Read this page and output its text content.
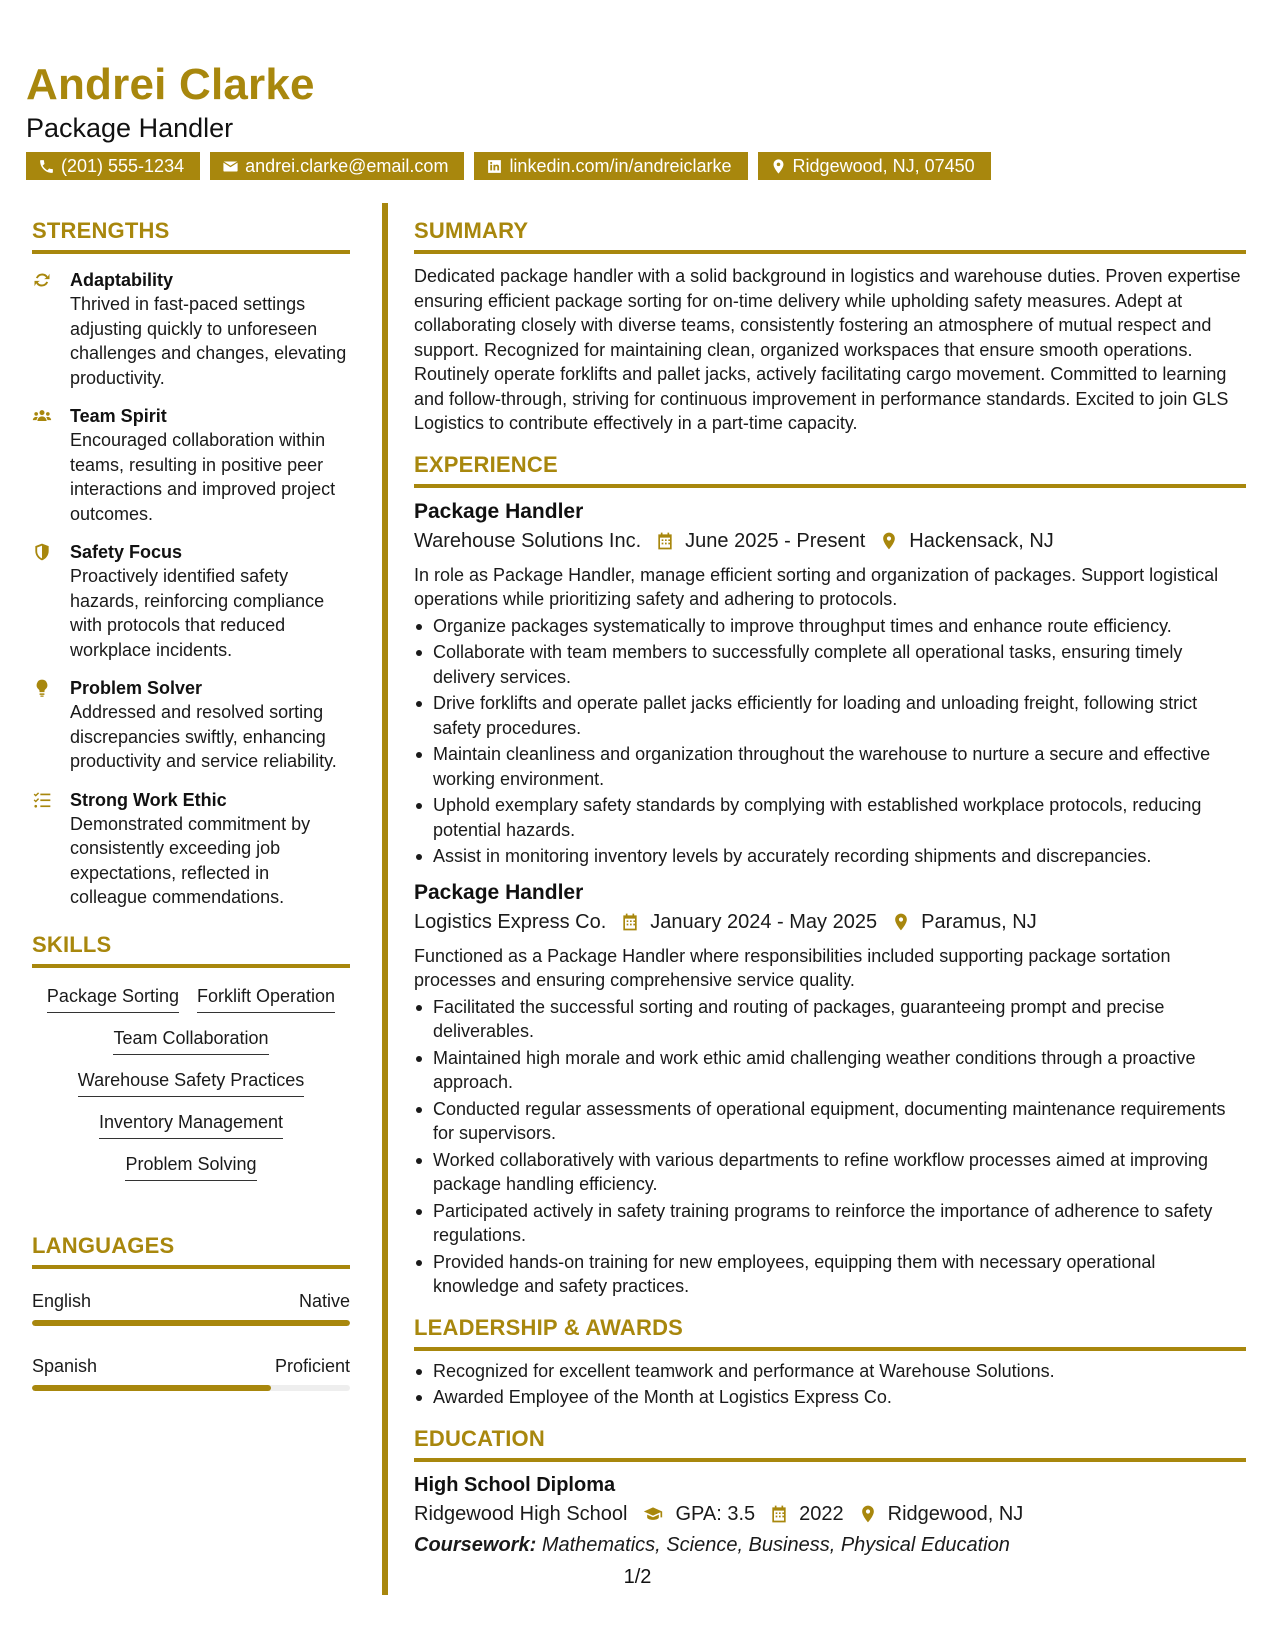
Andrei Clarke
Package Handler
(201) 555-1234	andrei.clarke@email.com	linkedin.com/in/andreiclarke	Ridgewood, NJ, 07450
STRENGTHS
Adaptability
Thrived in fast-paced settings adjusting quickly to unforeseen challenges and changes, elevating productivity.
Team Spirit
Encouraged collaboration within teams, resulting in positive peer interactions and improved project outcomes.
Safety Focus
Proactively identified safety hazards, reinforcing compliance with protocols that reduced workplace incidents.
Problem Solver
Addressed and resolved sorting discrepancies swiftly, enhancing productivity and service reliability.
Strong Work Ethic
Demonstrated commitment by consistently exceeding job expectations, reflected in colleague commendations.
SKILLS
Package Sorting Forklift Operation
Team Collaboration
Warehouse Safety Practices
Inventory Management
Problem Solving
LANGUAGES
English	Native
Spanish	Proficient
SUMMARY
Dedicated package handler with a solid background in logistics and warehouse duties. Proven expertise ensuring efficient package sorting for on-time delivery while upholding safety measures. Adept at collaborating closely with diverse teams, consistently fostering an atmosphere of mutual respect and support. Recognized for maintaining clean, organized workspaces that ensure smooth operations. Routinely operate forklifts and pallet jacks, actively facilitating cargo movement. Committed to learning and follow-through, striving for continuous improvement in performance standards. Excited to join GLS Logistics to contribute effectively in a part-time capacity.
EXPERIENCE
Package Handler
Warehouse Solutions Inc. June 2025 - Present Hackensack, NJ
In role as Package Handler, manage efficient sorting and organization of packages. Support logistical operations while prioritizing safety and adhering to protocols.
Organize packages systematically to improve throughput times and enhance route efficiency.
Collaborate with team members to successfully complete all operational tasks, ensuring timely delivery services.
Drive forklifts and operate pallet jacks efficiently for loading and unloading freight, following strict safety procedures.
Maintain cleanliness and organization throughout the warehouse to nurture a secure and effective working environment.
Uphold exemplary safety standards by complying with established workplace protocols, reducing potential hazards.
Assist in monitoring inventory levels by accurately recording shipments and discrepancies.
Package Handler
Logistics Express Co. January 2024 - May 2025 Paramus, NJ
Functioned as a Package Handler where responsibilities included supporting package sortation processes and ensuring comprehensive service quality.
Facilitated the successful sorting and routing of packages, guaranteeing prompt and precise deliverables.
Maintained high morale and work ethic amid challenging weather conditions through a proactive approach.
Conducted regular assessments of operational equipment, documenting maintenance requirements for supervisors.
Worked collaboratively with various departments to refine workflow processes aimed at improving package handling efficiency.
Participated actively in safety training programs to reinforce the importance of adherence to safety regulations.
Provided hands-on training for new employees, equipping them with necessary operational knowledge and safety practices.
LEADERSHIP & AWARDS
Recognized for excellent teamwork and performance at Warehouse Solutions.
Awarded Employee of the Month at Logistics Express Co.
EDUCATION
High School Diploma
Ridgewood High School GPA: 3.5 2022 Ridgewood, NJ
Coursework: Mathematics, Science, Business, Physical Education
1/2
